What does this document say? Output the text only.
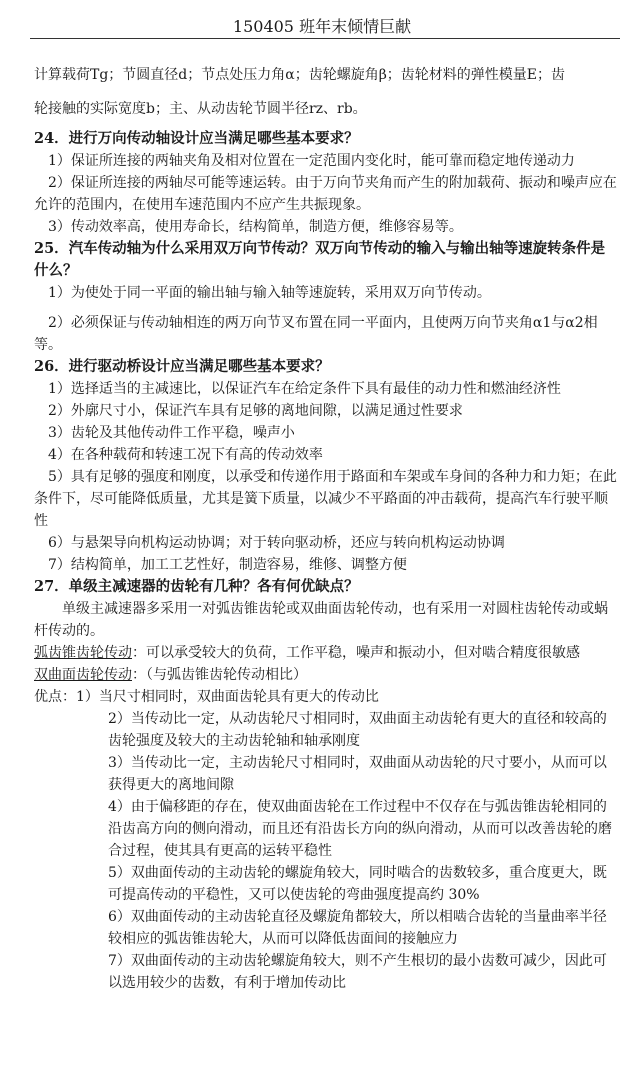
150405 班年末倾情巨献

计算载荷Tg；节圆直径d；节点处压力角α；齿轮螺旋角β；齿轮材料的弹性模量E；齿

轮接触的实际宽度b；主、从动齿轮节圆半径rz、rb。

24．进行万向传动轴设计应当满足哪些基本要求？

1）保证所连接的两轴夹角及相对位置在一定范围内变化时，能可靠而稳定地传递动力

2）保证所连接的两轴尽可能等速运转。由于万向节夹角而产生的附加载荷、振动和噪声应在允许的范围内，在使用车速范围内不应产生共振现象。

3）传动效率高，使用寿命长，结构简单，制造方便，维修容易等。

25．汽车传动轴为什么采用双万向节传动？双万向节传动的输入与输出轴等速旋转条件是什么？

1）为使处于同一平面的输出轴与输入轴等速旋转，采用双万向节传动。

2）必须保证与传动轴相连的两万向节叉布置在同一平面内，且使两万向节夹角α1与α2相等。

26．进行驱动桥设计应当满足哪些基本要求？

1）选择适当的主减速比，以保证汽车在给定条件下具有最佳的动力性和燃油经济性

2）外廓尺寸小，保证汽车具有足够的离地间隙，以满足通过性要求

3）齿轮及其他传动件工作平稳，噪声小

4）在各种载荷和转速工况下有高的传动效率

5）具有足够的强度和刚度，以承受和传递作用于路面和车架或车身间的各种力和力矩；在此条件下，尽可能降低质量，尤其是簧下质量，以减少不平路面的冲击载荷，提高汽车行驶平顺性

6）与悬架导向机构运动协调；对于转向驱动桥，还应与转向机构运动协调

7）结构简单，加工工艺性好，制造容易，维修、调整方便

27．单级主减速器的齿轮有几种？各有何优缺点？

单级主减速器多采用一对弧齿锥齿轮或双曲面齿轮传动，也有采用一对圆柱齿轮传动或蜗杆传动的。

弧齿锥齿轮传动：可以承受较大的负荷，工作平稳，噪声和振动小，但对啮合精度很敏感

双曲面齿轮传动：（与弧齿锥齿轮传动相比）

优点：1）当尺寸相同时，双曲面齿轮具有更大的传动比

2）当传动比一定，从动齿轮尺寸相同时，双曲面主动齿轮有更大的直径和较高的齿轮强度及较大的主动齿轮轴和轴承刚度

3）当传动比一定，主动齿轮尺寸相同时，双曲面从动齿轮的尺寸要小，从而可以获得更大的离地间隙

4）由于偏移距的存在，使双曲面齿轮在工作过程中不仅存在与弧齿锥齿轮相同的沿齿高方向的侧向滑动，而且还有沿齿长方向的纵向滑动，从而可以改善齿轮的磨合过程，使其具有更高的运转平稳性

5）双曲面传动的主动齿轮的螺旋角较大，同时啮合的齿数较多，重合度更大，既可提高传动的平稳性，又可以使齿轮的弯曲强度提高约 30%

6）双曲面传动的主动齿轮直径及螺旋角都较大，所以相啮合齿轮的当量曲率半径较相应的弧齿锥齿轮大，从而可以降低齿面间的接触应力

7）双曲面传动的主动齿轮螺旋角较大，则不产生根切的最小齿数可减少，因此可以选用较少的齿数，有利于增加传动比
